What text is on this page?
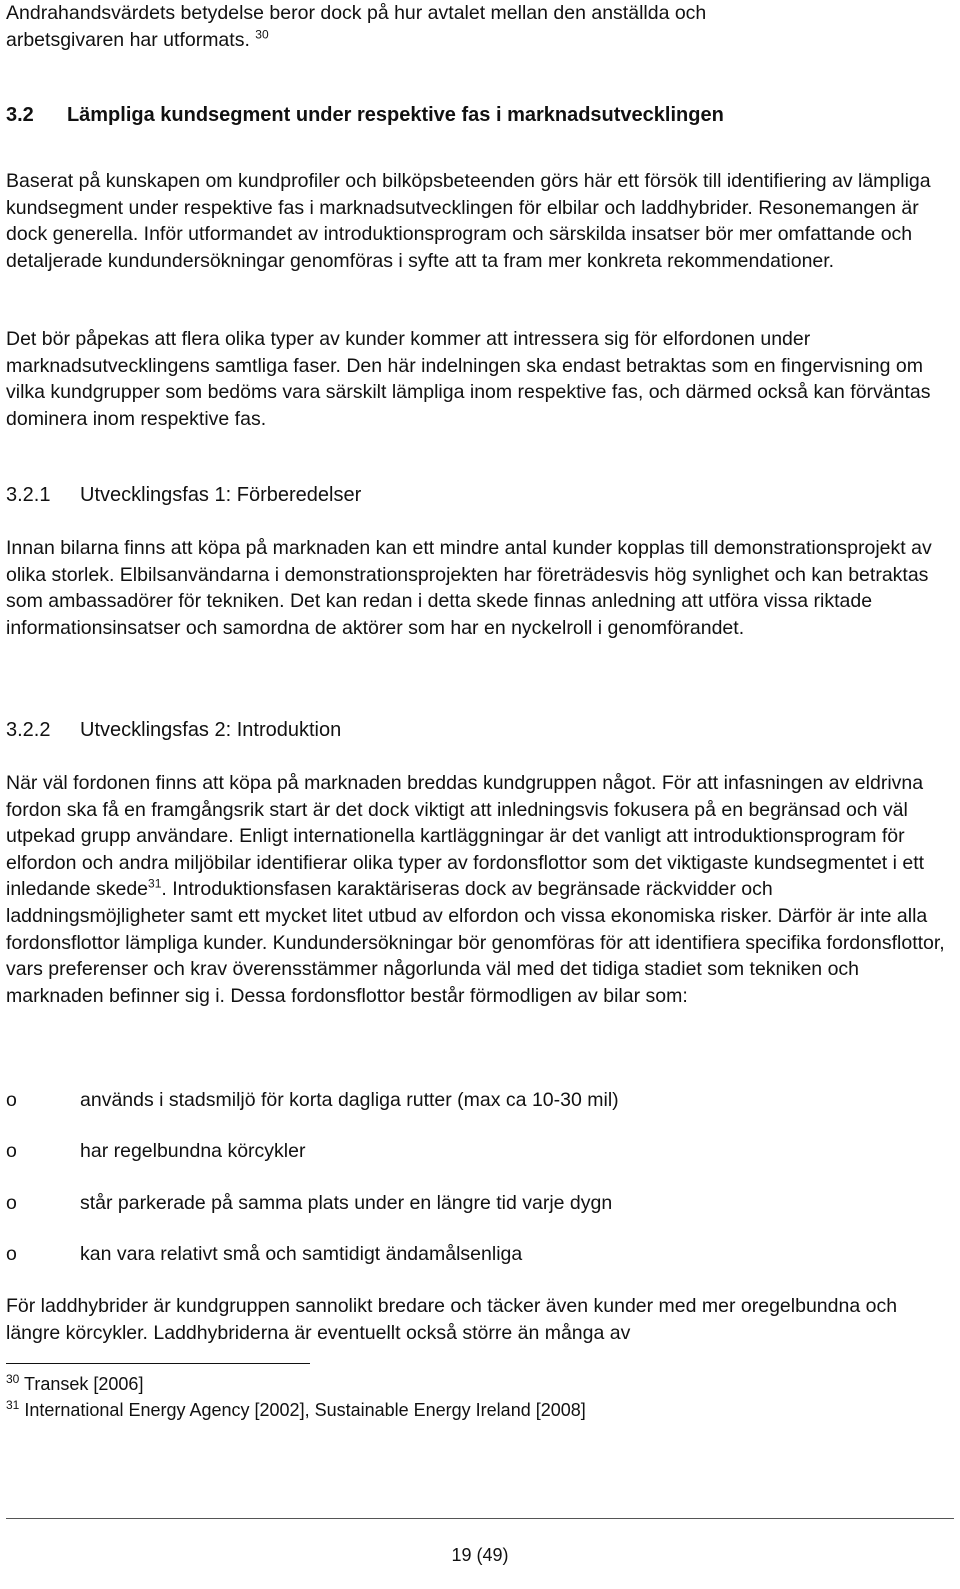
Andrahandsvärdets betydelse beror dock på hur avtalet mellan den anställda och
arbetsgivaren har utformats. $^{30}$
3.2 Lämpliga kundsegment under respektive fas i marknadsutvecklingen
Baserat på kunskapen om kundprofiler och bilköpsbeteenden görs här ett försök till identifiering av lämpliga kundsegment under respektive fas i marknadsutvecklingen för elbilar och laddhybrider. Resonemangen är dock generella. Inför utformandet av introduktionsprogram och särskilda insatser bör mer omfattande och detaljerade kundundersökningar genomföras i syfte att ta fram mer konkreta rekommendationer.
Det bör påpekas att flera olika typer av kunder kommer att intressera sig för elfordonen under marknadsutvecklingens samtliga faser. Den här indelningen ska endast betraktas som en fingervisning om vilka kundgrupper som bedöms vara särskilt lämpliga inom respektive fas, och därmed också kan förväntas dominera inom respektive fas.
3.2.1 Utvecklingsfas 1: Förberedelser
Innan bilarna finns att köpa på marknaden kan ett mindre antal kunder kopplas till demonstrationsprojekt av olika storlek. Elbilsanvändarna i demonstrationsprojekten har företrädesvis hög synlighet och kan betraktas som ambassadörer för tekniken. Det kan redan i detta skede finnas anledning att utföra vissa riktade informationsinsatser och samordna de aktörer som har en nyckelroll i genomförandet.
3.2.2 Utvecklingsfas 2: Introduktion
När väl fordonen finns att köpa på marknaden breddas kundgruppen något. För att infasningen av eldrivna fordon ska få en framgångsrik start är det dock viktigt att inledningsvis fokusera på en begränsad och väl utpekad grupp användare. Enligt internationella kartläggningar är det vanligt att introduktionsprogram för elfordon och andra miljöbilar identifierar olika typer av fordonsflottor som det viktigaste kundsegmentet i ett inledande skede$^{31}$. Introduktionsfasen karaktäriseras dock av begränsade räckvidder och laddningsmöjligheter samt ett mycket litet utbud av elfordon och vissa ekonomiska risker. Därför är inte alla fordonsflottor lämpliga kunder. Kundundersökningar bör genomföras för att identifiera specifika fordonsflottor, vars preferenser och krav överensstämmer någorlunda väl med det tidiga stadiet som tekniken och marknaden befinner sig i. Dessa fordonsflottor består förmodligen av bilar som:
o	används i stadsmiljö för korta dagliga rutter (max ca 10-30 mil)
o	har regelbundna körcykler
o	står parkerade på samma plats under en längre tid varje dygn
o	kan vara relativt små och samtidigt ändamålsenliga
För laddhybrider är kundgruppen sannolikt bredare och täcker även kunder med mer oregelbundna och längre körcykler. Laddhybriderna är eventuellt också större än många av
$^{30}$ Transek [2006]
$^{31}$ International Energy Agency [2002], Sustainable Energy Ireland [2008]
19 (49)
